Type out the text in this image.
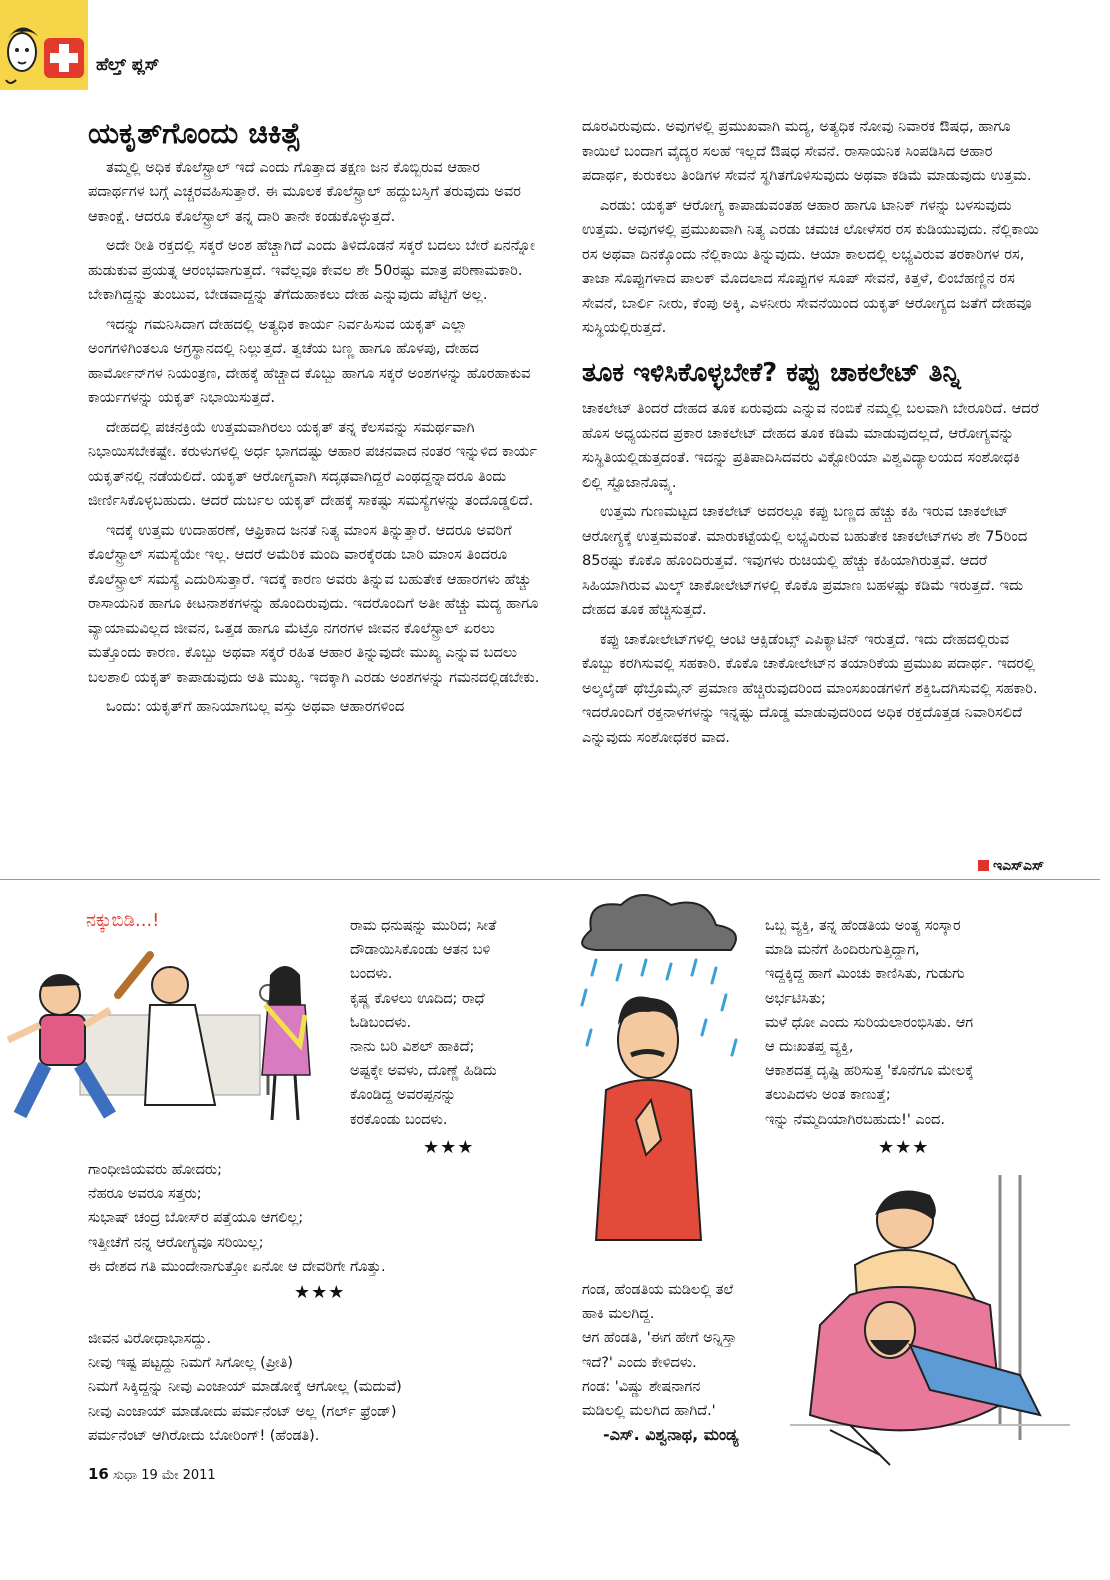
ಹೆಲ್ತ್ ಪ್ಲಸ್
ಯಕೃತ್‌ಗೊಂದು ಚಿಕಿತ್ಸೆ

ತಮ್ಮಲ್ಲಿ ಅಧಿಕ ಕೊಲೆಸ್ಟ್ರಾಲ್ ಇದೆ ಎಂದು ಗೊತ್ತಾದ ತಕ್ಷಣ ಜನ ಕೊಬ್ಬಿರುವ ಆಹಾರ ಪದಾರ್ಥಗಳ ಬಗ್ಗೆ ಎಚ್ಚರವಹಿಸುತ್ತಾರೆ. ಈ ಮೂಲಕ ಕೊಲೆಸ್ಟ್ರಾಲ್ ಹದ್ದುಬಸ್ತಿಗೆ ತರುವುದು ಅವರ ಆಕಾಂಕ್ಷೆ. ಆದರೂ ಕೊಲೆಸ್ಟ್ರಾಲ್ ತನ್ನ ದಾರಿ ತಾನೇ ಕಂಡುಕೊಳ್ಳುತ್ತದೆ.

ಅದೇ ರೀತಿ ರಕ್ತದಲ್ಲಿ ಸಕ್ಕರೆ ಅಂಶ ಹೆಚ್ಚಾಗಿದೆ ಎಂದು ತಿಳಿದೊಡನೆ ಸಕ್ಕರೆ ಬದಲು ಬೇರೆ ಏನನ್ನೋ ಹುಡುಕುವ ಪ್ರಯತ್ನ ಆರಂಭವಾಗುತ್ತದೆ. ಇವೆಲ್ಲವೂ ಕೇವಲ ಶೇ 50ರಷ್ಟು ಮಾತ್ರ ಪರಿಣಾಮಕಾರಿ. ಬೇಕಾಗಿದ್ದನ್ನು ತುಂಬುವ, ಬೇಡವಾದ್ದನ್ನು ತೆಗೆದುಹಾಕಲು ದೇಹ ಎನ್ನುವುದು ಪೆಟ್ಟಿಗೆ ಅಲ್ಲ.

ಇದನ್ನು ಗಮನಿಸಿದಾಗ ದೇಹದಲ್ಲಿ ಅತ್ಯಧಿಕ ಕಾರ್ಯ ನಿರ್ವಹಿಸುವ ಯಕೃತ್ ಎಲ್ಲಾ ಅಂಗಗಳಿಗಿಂತಲೂ ಅಗ್ರಸ್ಥಾನದಲ್ಲಿ ನಿಲ್ಲುತ್ತದೆ. ತ್ವಚೆಯ ಬಣ್ಣ ಹಾಗೂ ಹೊಳಪು, ದೇಹದ ಹಾರ್ಮೋನ್‌ಗಳ ನಿಯಂತ್ರಣ, ದೇಹಕ್ಕೆ ಹೆಚ್ಚಾದ ಕೊಬ್ಬು ಹಾಗೂ ಸಕ್ಕರೆ ಅಂಶಗಳನ್ನು ಹೊರಹಾಕುವ ಕಾರ್ಯಗಳನ್ನು ಯಕೃತ್ ನಿಭಾಯಿಸುತ್ತದೆ.

ದೇಹದಲ್ಲಿ ಪಚನಕ್ರಿಯೆ ಉತ್ತಮವಾಗಿರಲು ಯಕೃತ್ ತನ್ನ ಕೆಲಸವನ್ನು ಸಮರ್ಥವಾಗಿ ನಿಭಾಯಿಸಬೇಕಷ್ಟೇ. ಕರುಳುಗಳಲ್ಲಿ ಅರ್ಧ ಭಾಗದಷ್ಟು ಆಹಾರ ಪಚನವಾದ ನಂತರ ಇನ್ನುಳಿದ ಕಾರ್ಯ ಯಕೃತ್‌ನಲ್ಲಿ ನಡೆಯಲಿದೆ. ಯಕೃತ್ ಆರೋಗ್ಯವಾಗಿ ಸದೃಢವಾಗಿದ್ದರೆ ಎಂಥದ್ದನ್ನಾದರೂ ತಿಂದು ಜೀರ್ಣಿಸಿಕೊಳ್ಳಬಹುದು. ಆದರೆ ದುರ್ಬಲ ಯಕೃತ್ ದೇಹಕ್ಕೆ ಸಾಕಷ್ಟು ಸಮಸ್ಯೆಗಳನ್ನು ತಂದೊಡ್ಡಲಿದೆ.

ಇದಕ್ಕೆ ಉತ್ತಮ ಉದಾಹರಣೆ, ಆಫ್ರಿಕಾದ ಜನತೆ ನಿತ್ಯ ಮಾಂಸ ತಿನ್ನುತ್ತಾರೆ. ಆದರೂ ಅವರಿಗೆ ಕೊಲೆಸ್ಟ್ರಾಲ್ ಸಮಸ್ಯೆಯೇ ಇಲ್ಲ. ಆದರೆ ಅಮೆರಿಕ ಮಂದಿ ವಾರಕ್ಕೆರಡು ಬಾರಿ ಮಾಂಸ ತಿಂದರೂ ಕೊಲೆಸ್ಟ್ರಾಲ್ ಸಮಸ್ಯೆ ಎದುರಿಸುತ್ತಾರೆ. ಇದಕ್ಕೆ ಕಾರಣ ಅವರು ತಿನ್ನುವ ಬಹುತೇಕ ಆಹಾರಗಳು ಹೆಚ್ಚು ರಾಸಾಯನಿಕ ಹಾಗೂ ಕೀಟನಾಶಕಗಳನ್ನು ಹೊಂದಿರುವುದು. ಇದರೊಂದಿಗೆ ಅತೀ ಹೆಚ್ಚು ಮದ್ಯ ಹಾಗೂ ವ್ಯಾಯಾಮವಿಲ್ಲದ ಜೀವನ, ಒತ್ತಡ ಹಾಗೂ ಮೆಟ್ರೊ ನಗರಗಳ ಜೀವನ ಕೊಲೆಸ್ಟ್ರಾಲ್ ಏರಲು ಮತ್ತೊಂದು ಕಾರಣ. ಕೊಬ್ಬು ಅಥವಾ ಸಕ್ಕರೆ ರಹಿತ ಆಹಾರ ತಿನ್ನುವುದೇ ಮುಖ್ಯ ಎನ್ನುವ ಬದಲು ಬಲಶಾಲಿ ಯಕೃತ್ ಕಾಪಾಡುವುದು ಅತಿ ಮುಖ್ಯ. ಇದಕ್ಕಾಗಿ ಎರಡು ಅಂಶಗಳನ್ನು ಗಮನದಲ್ಲಿಡಬೇಕು.

ಒಂದು: ಯಕೃತ್‌ಗೆ ಹಾನಿಯಾಗಬಲ್ಲ ವಸ್ತು ಅಥವಾ ಆಹಾರಗಳಿಂದ

ದೂರವಿರುವುದು. ಅವುಗಳಲ್ಲಿ ಪ್ರಮುಖವಾಗಿ ಮದ್ಯ, ಅತ್ಯಧಿಕ ನೋವು ನಿವಾರಕ ಔಷಧ, ಹಾಗೂ ಕಾಯಿಲೆ ಬಂದಾಗ ವೈದ್ಯರ ಸಲಹೆ ಇಲ್ಲದೆ ಔಷಧ ಸೇವನೆ. ರಾಸಾಯನಿಕ ಸಿಂಪಡಿಸಿದ ಆಹಾರ ಪದಾರ್ಥ, ಕುರುಕಲು ತಿಂಡಿಗಳ ಸೇವನೆ ಸ್ಥಗಿತಗೊಳಿಸುವುದು ಅಥವಾ ಕಡಿಮೆ ಮಾಡುವುದು ಉತ್ತಮ.

ಎರಡು: ಯಕೃತ್ ಆರೋಗ್ಯ ಕಾಪಾಡುವಂತಹ ಆಹಾರ ಹಾಗೂ ಟಾನಿಕ್ ಗಳನ್ನು ಬಳಸುವುದು ಉತ್ತಮ. ಅವುಗಳಲ್ಲಿ ಪ್ರಮುಖವಾಗಿ ನಿತ್ಯ ಎರಡು ಚಮಚ ಲೋಳೆಸರ ರಸ ಕುಡಿಯುವುದು. ನೆಲ್ಲಿಕಾಯಿ ರಸ ಅಥವಾ ದಿನಕ್ಕೊಂದು ನೆಲ್ಲಿಕಾಯಿ ತಿನ್ನುವುದು. ಆಯಾ ಕಾಲದಲ್ಲಿ ಲಭ್ಯವಿರುವ ತರಕಾರಿಗಳ ರಸ, ತಾಜಾ ಸೊಪ್ಪುಗಳಾದ ಪಾಲಕ್ ಮೊದಲಾದ ಸೊಪ್ಪುಗಳ ಸೂಪ್ ಸೇವನೆ, ಕಿತ್ತಳೆ, ಲಿಂಬೆಹಣ್ಣಿನ ರಸ ಸೇವನೆ, ಬಾರ್ಲಿ ನೀರು, ಕೆಂಪು ಅಕ್ಕಿ, ಎಳನೀರು ಸೇವನೆಯಿಂದ ಯಕೃತ್ ಆರೋಗ್ಯದ ಜತೆಗೆ ದೇಹವೂ ಸುಸ್ಥಿಯಲ್ಲಿರುತ್ತದೆ.

ತೂಕ ಇಳಿಸಿಕೊಳ್ಳಬೇಕೆ? ಕಪ್ಪು ಚಾಕಲೇಟ್ ತಿನ್ನಿ

ಚಾಕಲೇಟ್ ತಿಂದರೆ ದೇಹದ ತೂಕ ಏರುವುದು ಎನ್ನುವ ನಂಬಿಕೆ ನಮ್ಮಲ್ಲಿ ಬಲವಾಗಿ ಬೇರೂರಿದೆ. ಆದರೆ ಹೊಸ ಅಧ್ಯಯನದ ಪ್ರಕಾರ ಚಾಕಲೇಟ್ ದೇಹದ ತೂಕ ಕಡಿಮೆ ಮಾಡುವುದಲ್ಲದೆ, ಆರೋಗ್ಯವನ್ನು ಸುಸ್ಥಿತಿಯಲ್ಲಿಡುತ್ತದಂತೆ. ಇದನ್ನು ಪ್ರತಿಪಾದಿಸಿದವರು ವಿಕ್ಟೋರಿಯಾ ವಿಶ್ವವಿದ್ಯಾಲಯದ ಸಂಶೋಧಕಿ ಲಿಲ್ಲಿ ಸ್ಟೊಜಾನೊವ್ಸ್ಕ.

ಉತ್ತಮ ಗುಣಮಟ್ಟದ ಚಾಕಲೇಟ್ ಅದರಲ್ಲೂ ಕಪ್ಪು ಬಣ್ಣದ ಹೆಚ್ಚು ಕಹಿ ಇರುವ ಚಾಕಲೇಟ್ ಆರೋಗ್ಯಕ್ಕೆ ಉತ್ತಮವಂತೆ. ಮಾರುಕಟ್ಟೆಯಲ್ಲಿ ಲಭ್ಯವಿರುವ ಬಹುತೇಕ ಚಾಕಲೇಟ್‌ಗಳು ಶೇ 75ರಿಂದ 85ರಷ್ಟು ಕೊಕೊ ಹೊಂದಿರುತ್ತವೆ. ಇವುಗಳು ರುಚಿಯಲ್ಲಿ ಹೆಚ್ಚು ಕಹಿಯಾಗಿರುತ್ತವೆ. ಆದರೆ ಸಿಹಿಯಾಗಿರುವ ಮಿಲ್ಕ್ ಚಾಕೋಲೇಟ್‌ಗಳಲ್ಲಿ ಕೊಕೊ ಪ್ರಮಾಣ ಬಹಳಷ್ಟು ಕಡಿಮೆ ಇರುತ್ತದೆ. ಇದು ದೇಹದ ತೂಕ ಹೆಚ್ಚಿಸುತ್ತದೆ.

ಕಪ್ಪು ಚಾಕೋಲೇಟ್‌ಗಳಲ್ಲಿ ಆಂಟಿ ಆಕ್ಸಿಡೆಂಟ್ಸ್ ಎಪಿಕ್ಯಾಟಿನ್ ಇರುತ್ತದೆ. ಇದು ದೇಹದಲ್ಲಿರುವ ಕೊಬ್ಬು ಕರಗಿಸುವಲ್ಲಿ ಸಹಕಾರಿ. ಕೊಕೊ ಚಾಕೋಲೇಟ್‌ನ ತಯಾರಿಕೆಯ ಪ್ರಮುಖ ಪದಾರ್ಥ. ಇದರಲ್ಲಿ ಅಲ್ಕಲೈಡ್ ಥೆಬ್ರೊಮೈನ್ ಪ್ರಮಾಣ ಹೆಚ್ಚಿರುವುದರಿಂದ ಮಾಂಸಖಂಡಗಳಿಗೆ ಶಕ್ತಿಒದಗಿಸುವಲ್ಲಿ ಸಹಕಾರಿ. ಇದರೊಂದಿಗೆ ರಕ್ತನಾಳಗಳನ್ನು ಇನ್ನಷ್ಟು ದೊಡ್ಡ ಮಾಡುವುದರಿಂದ ಅಧಿಕ ರಕ್ತದೊತ್ತಡ ನಿವಾರಿಸಲಿದೆ ಎನ್ನುವುದು ಸಂಶೋಧಕರ ವಾದ.

ಇಎಸ್‌ಎಸ್
ನಕ್ಕುಬಿಡಿ...!	ರಾಮ ಧನುಷನ್ನು ಮುರಿದ; ಸೀತೆ

ದೌಡಾಯಿಸಿಕೊಂಡು ಆತನ ಬಳಿ

ಬಂದಳು.

ಕೃಷ್ಣ ಕೊಳಲು ಊದಿದ; ರಾಧೆ

ಓಡಿಬಂದಳು.

ನಾನು ಬರಿ ವಿಶಲ್ ಹಾಕಿದೆ;

ಅಷ್ಟಕ್ಕೇ ಅವಳು, ದೊಣ್ಣೆ ಹಿಡಿದು

ಕೊಂಡಿದ್ದ ಅವರಪ್ಪನನ್ನು

ಕರಕೊಂಡು ಬಂದಳು.

★★★

ಗಾಂಧೀಜಿಯವರು ಹೋದರು;

ನೆಹರೂ ಅವರೂ ಸತ್ತರು;

ಸುಭಾಷ್ ಚಂದ್ರ ಬೋಸ್‌ರ ಪತ್ತೆಯೂ ಆಗಲಿಲ್ಲ;

ಇತ್ತೀಚೆಗೆ ನನ್ನ ಆರೋಗ್ಯವೂ ಸರಿಯಿಲ್ಲ;

ಈ ದೇಶದ ಗತಿ ಮುಂದೇನಾಗುತ್ತೋ ಏನೋ ಆ ದೇವರಿಗೇ ಗೊತ್ತು.

★★★

ಜೀವನ ವಿರೋಧಾಭಾಸದ್ದು.

ನೀವು ಇಷ್ಟ ಪಟ್ಟದ್ದು ನಿಮಗೆ ಸಿಗೋಲ್ಲ (ಪ್ರೀತಿ)

ನಿಮಗೆ ಸಿಕ್ಕಿದ್ದನ್ನು ನೀವು ಎಂಜಾಯ್ ಮಾಡೋಕ್ಕೆ ಆಗೋಲ್ಲ (ಮದುವೆ)

ನೀವು ಎಂಜಾಯ್ ಮಾಡೋದು ಪರ್ಮನೆಂಟ್ ಅಲ್ಲ (ಗರ್ಲ್ ಫ್ರೆಂಡ್)

ಪರ್ಮನೆಂಟ್ ಆಗಿರೋದು ಬೋರಿಂಗ್! (ಹೆಂಡತಿ).

ಒಬ್ಬ ವ್ಯಕ್ತಿ, ತನ್ನ ಹೆಂಡತಿಯ ಅಂತ್ಯ ಸಂಸ್ಕಾರ

ಮಾಡಿ ಮನೆಗೆ ಹಿಂದಿರುಗುತ್ತಿದ್ದಾಗ,

ಇದ್ದಕ್ಕಿದ್ದ ಹಾಗೆ ಮಿಂಚು ಕಾಣಿಸಿತು, ಗುಡುಗು

ಅರ್ಭಟಿಸಿತು;

ಮಳೆ ಧೋ ಎಂದು ಸುರಿಯಲಾರಂಭಿಸಿತು. ಆಗ

ಆ ದುಃಖತಪ್ತ ವ್ಯಕ್ತಿ,

ಆಕಾಶದತ್ತ ದೃಷ್ಟಿ ಹರಿಸುತ್ತ 'ಕೊನೆಗೂ ಮೇಲಕ್ಕೆ

ತಲುಪಿದಳು ಅಂತ ಕಾಣುತ್ತೆ;

ಇನ್ನು ನೆಮ್ಮದಿಯಾಗಿರಬಹುದು!' ಎಂದ.

★★★

ಗಂಡ, ಹೆಂಡತಿಯ ಮಡಿಲಲ್ಲಿ ತಲೆ

ಹಾಕಿ ಮಲಗಿದ್ದ.

ಆಗ ಹೆಂಡತಿ, 'ಈಗ ಹೇಗೆ ಅನ್ನಿಸ್ತಾ

ಇದೆ?' ಎಂದು ಕೇಳಿದಳು.

ಗಂಡ: 'ವಿಷ್ಣು ಶೇಷನಾಗನ

ಮಡಿಲಲ್ಲಿ ಮಲಗಿದ ಹಾಗಿದೆ.'

-ಎಸ್. ವಿಶ್ವನಾಥ, ಮಂಡ್ಯ
16 ಸುಧಾ 19 ಮೇ 2011
